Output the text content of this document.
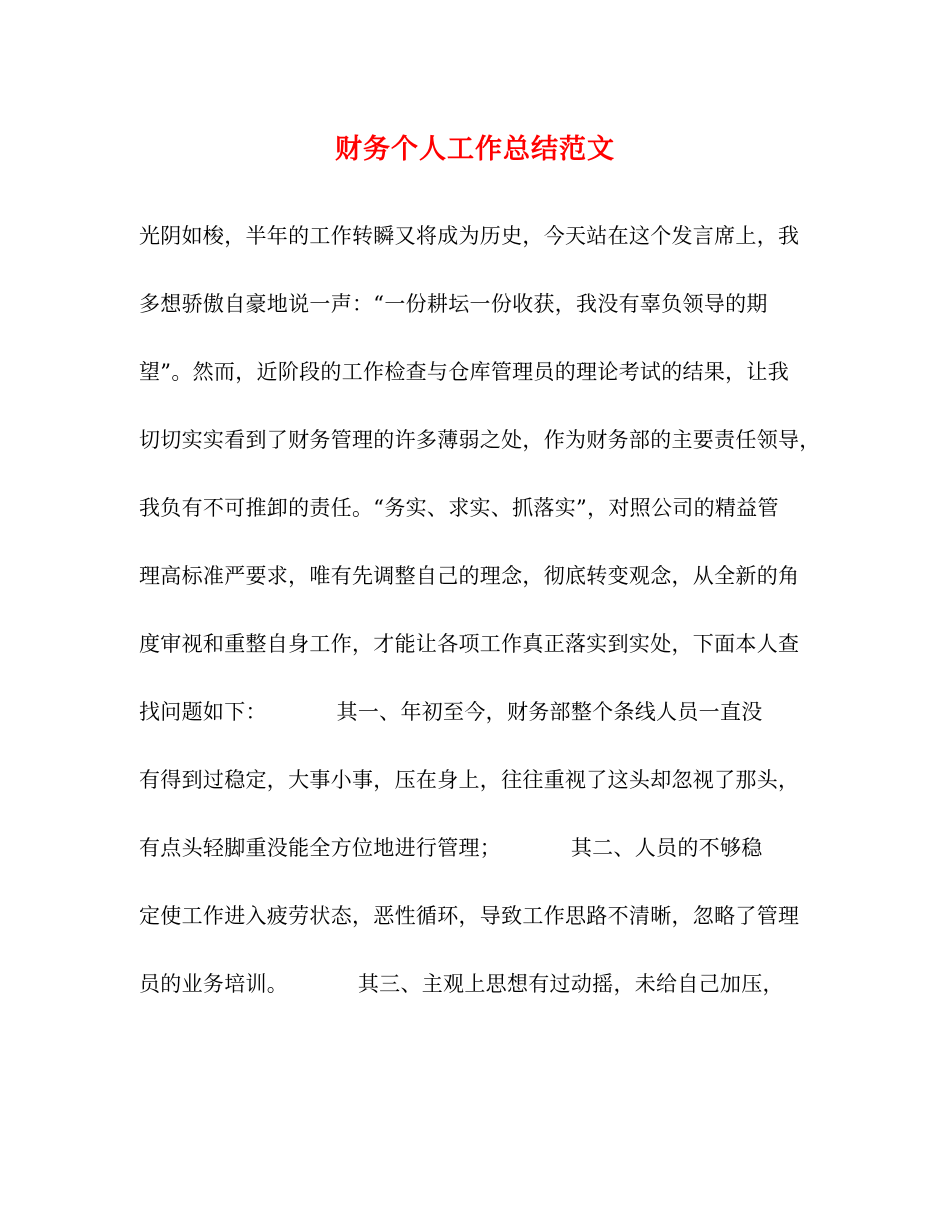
财务个人工作总结范文
光阴如梭，半年的工作转瞬又将成为历史，今天站在这个发言席上，我
多想骄傲自豪地说一声：“一份耕坛一份收获，我没有辜负领导的期
望”。然而，近阶段的工作检查与仓库管理员的理论考试的结果，让我
切切实实看到了财务管理的许多薄弱之处，作为财务部的主要责任领导，
我负有不可推卸的责任。“务实、求实、抓落实”，对照公司的精益管
理高标准严要求，唯有先调整自己的理念，彻底转变观念，从全新的角
度审视和重整自身工作，才能让各项工作真正落实到实处，下面本人查
找问题如下：          其一、年初至今，财务部整个条线人员一直没
有得到过稳定，大事小事，压在身上，往往重视了这头却忽视了那头，
有点头轻脚重没能全方位地进行管理；          其二、人员的不够稳
定使工作进入疲劳状态，恶性循环，导致工作思路不清晰，忽略了管理
员的业务培训。          其三、主观上思想有过动摇，未给自己加压，
